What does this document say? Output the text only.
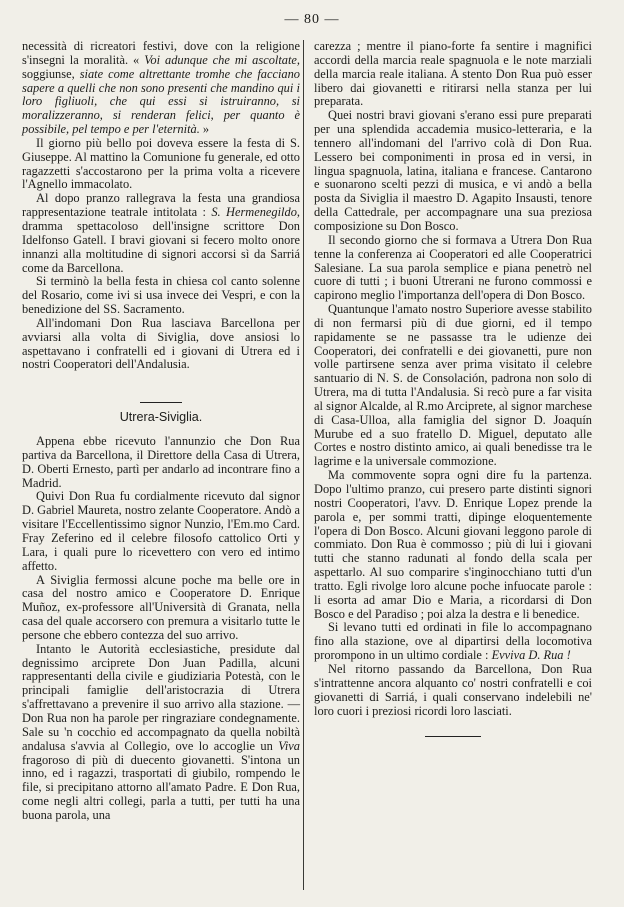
— 80 —

necessità di ricreatori festivi, dove con la religione s'insegni la moralità. « Voi adunque che mi ascoltate, soggiunse, siate come altrettante tromhe che facciano sapere a quelli che non sono presenti che mandino qui i loro figliuoli, che qui essi si istruiranno, si moralizzeranno, si renderan felici, per quanto è possibile, pel tempo e per l'eternità. »

Il giorno più bello poi doveva essere la festa di S. Giuseppe. Al mattino la Comunione fu generale, ed otto ragazzetti s'accostarono per la prima volta a ricevere l'Agnello immacolato.

Al dopo pranzo rallegrava la festa una grandiosa rappresentazione teatrale intitolata : S. Hermenegildo, dramma spettacoloso dell'insigne scrittore Don Idelfonso Gatell. I bravi giovani si fecero molto onore innanzi alla moltitudine di signori accorsi sì da Sarriá come da Barcellona.

Si terminò la bella festa in chiesa col canto solenne del Rosario, come ivi si usa invece dei Vespri, e con la benedizione del SS. Sacramento.

All'indomani Don Rua lasciava Barcellona per avviarsi alla volta di Siviglia, dove ansiosi lo aspettavano i confratelli ed i giovani di Utrera ed i nostri Cooperatori dell'Andalusia.

Utrera-Siviglia.

Appena ebbe ricevuto l'annunzio che Don Rua partiva da Barcellona, il Direttore della Casa di Utrera, D. Oberti Ernesto, partì per andarlo ad incontrare fino a Madrid.

Quivi Don Rua fu cordialmente ricevuto dal signor D. Gabriel Maureta, nostro zelante Cooperatore. Andò a visitare l'Eccellentissimo signor Nunzio, l'Em.mo Card. Fray Zeferino ed il celebre filosofo cattolico Orti y Lara, i quali pure lo ricevettero con vero ed intimo affetto.

A Siviglia fermossi alcune poche ma belle ore in casa del nostro amico e Cooperatore D. Enrique Muñoz, ex-professore all'Università di Granata, nella casa del quale accorsero con premura a visitarlo tutte le persone che ebbero contezza del suo arrivo.

Intanto le Autorità ecclesiastiche, presidute dal degnissimo arciprete Don Juan Padilla, alcuni rappresentanti della civile e giudiziaria Potestà, con le principali famiglie dell'aristocrazia di Utrera s'affrettavano a prevenire il suo arrivo alla stazione. — Don Rua non ha parole per ringraziare condegnamente. Sale su 'n cocchio ed accompagnato da quella nobiltà andalusa s'avvia al Collegio, ove lo accoglie un Viva fragoroso di più di duecento giovanetti. S'intona un inno, ed i ragazzi, trasportati di giubilo, rompendo le file, si precipitano attorno all'amato Padre. E Don Rua, come negli altri collegi, parla a tutti, per tutti ha una buona parola, una

carezza ; mentre il piano-forte fa sentire i magnifici accordi della marcia reale spagnuola e le note marziali della marcia reale italiana. A stento Don Rua può esser libero dai giovanetti e ritirarsi nella stanza per lui preparata.

Quei nostri bravi giovani s'erano essi pure preparati per una splendida accademia musico-letteraria, e la tennero all'indomani del l'arrivo colà di Don Rua. Lessero bei componimenti in prosa ed in versi, in lingua spagnuola, latina, italiana e francese. Cantarono e suonarono scelti pezzi di musica, e vi andò a bella posta da Siviglia il maestro D. Agapito Insausti, tenore della Cattedrale, per accompagnare una sua preziosa composizione su Don Bosco.

Il secondo giorno che si formava a Utrera Don Rua tenne la conferenza ai Cooperatori ed alle Cooperatrici Salesiane. La sua parola semplice e piana penetrò nel cuore di tutti ; i buoni Utrerani ne furono commossi e capirono meglio l'importanza dell'opera di Don Bosco.

Quantunque l'amato nostro Superiore avesse stabilito di non fermarsi più di due giorni, ed il tempo rapidamente se ne passasse tra le udienze dei Cooperatori, dei confratelli e dei giovanetti, pure non volle partirsene senza aver prima visitato il celebre santuario di N. S. de Consolación, padrona non solo di Utrera, ma di tutta l'Andalusia. Si recò pure a far visita al signor Alcalde, al R.mo Arciprete, al signor marchese di Casa-Ulloa, alla famiglia del signor D. Joaquín Murube ed a suo fratello D. Miguel, deputato alle Cortes e nostro distinto amico, ai quali benedisse tra le lagrime e la universale commozione.

Ma commovente sopra ogni dire fu la partenza. Dopo l'ultimo pranzo, cui presero parte distinti signori nostri Cooperatori, l'avv. D. Enrique Lopez prende la parola e, per sommi tratti, dipinge eloquentemente l'opera di Don Bosco. Alcuni giovani leggono parole di commiato. Don Rua è commosso ; più di lui i giovani tutti che stanno radunati al fondo della scala per aspettarlo. Al suo comparire s'inginocchiano tutti d'un tratto. Egli rivolge loro alcune poche infuocate parole : li esorta ad amar Dio e Maria, a ricordarsi di Don Bosco e del Paradiso ; poi alza la destra e li benedice.

Si levano tutti ed ordinati in file lo accompagnano fino alla stazione, ove al dipartirsi della locomotiva prorompono in un ultimo cordiale : Evviva D. Rua !

Nel ritorno passando da Barcellona, Don Rua s'intrattenne ancora alquanto co' nostri confratelli e coi giovanetti di Sarriá, i quali conservano indelebili ne' loro cuori i preziosi ricordi loro lasciati.
